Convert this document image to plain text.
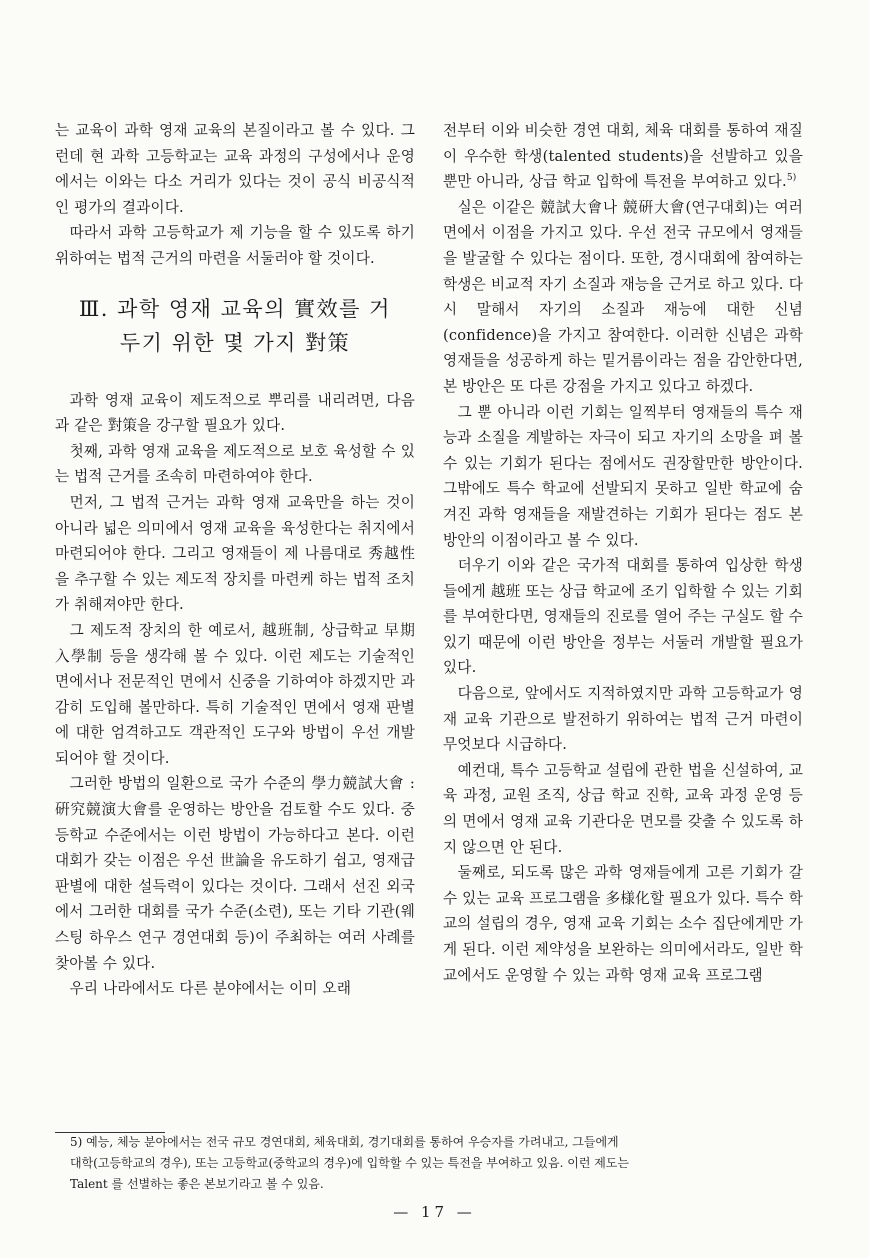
는 교육이 과학 영재 교육의 본질이라고 볼 수 있다. 그런데 현 과학 고등학교는 교육 과정의 구성에서나 운영에서는 이와는 다소 거리가 있다는 것이 공식 비공식적인 평가의 결과이다.

따라서 과학 고등학교가 제 기능을 할 수 있도록 하기 위하여는 법적 근거의 마련을 서둘러야 할 것이다.

Ⅲ. 과학 영재 교육의 實效를 거
두기 위한 몇 가지 對策

과학 영재 교육이 제도적으로 뿌리를 내리려면, 다음과 같은 對策을 강구할 필요가 있다.

첫째, 과학 영재 교육을 제도적으로 보호 육성할 수 있는 법적 근거를 조속히 마련하여야 한다.

먼저, 그 법적 근거는 과학 영재 교육만을 하는 것이 아니라 넓은 의미에서 영재 교육을 육성한다는 취지에서 마련되어야 한다. 그리고 영재들이 제 나름대로 秀越性을 추구할 수 있는 제도적 장치를 마련케 하는 법적 조치가 취해져야만 한다.

그 제도적 장치의 한 예로서, 越班制, 상급학교 早期入學制 등을 생각해 볼 수 있다. 이런 제도는 기술적인 면에서나 전문적인 면에서 신중을 기하여야 하겠지만 과감히 도입해 볼만하다. 특히 기술적인 면에서 영재 판별에 대한 엄격하고도 객관적인 도구와 방법이 우선 개발되어야 할 것이다.

그러한 방법의 일환으로 국가 수준의 學力競試大會 : 硏究競演大會를 운영하는 방안을 검토할 수도 있다. 중등학교 수준에서는 이런 방법이 가능하다고 본다. 이런 대회가 갖는 이점은 우선 世論을 유도하기 쉽고, 영재급 판별에 대한 설득력이 있다는 것이다. 그래서 선진 외국에서 그러한 대회를 국가 수준(소련), 또는 기타 기관(웨스팅 하우스 연구 경연대회 등)이 주최하는 여러 사례를 찾아볼 수 있다.

우리 나라에서도 다른 분야에서는 이미 오래

전부터 이와 비슷한 경연 대회, 체육 대회를 통하여 재질이 우수한 학생(talented students)을 선발하고 있을 뿐만 아니라, 상급 학교 입학에 특전을 부여하고 있다.$^{5)}$

실은 이같은 競試大會나 競硏大會(연구대회)는 여러 면에서 이점을 가지고 있다. 우선 전국 규모에서 영재들을 발굴할 수 있다는 점이다. 또한, 경시대회에 참여하는 학생은 비교적 자기 소질과 재능을 근거로 하고 있다. 다시 말해서 자기의 소질과 재능에 대한 신념(confidence)을 가지고 참여한다. 이러한 신념은 과학 영재들을 성공하게 하는 밑거름이라는 점을 감안한다면, 본 방안은 또 다른 강점을 가지고 있다고 하겠다.

그 뿐 아니라 이런 기회는 일찍부터 영재들의 특수 재능과 소질을 계발하는 자극이 되고 자기의 소망을 펴 볼 수 있는 기회가 된다는 점에서도 권장할만한 방안이다. 그밖에도 특수 학교에 선발되지 못하고 일반 학교에 숨겨진 과학 영재들을 재발견하는 기회가 된다는 점도 본 방안의 이점이라고 볼 수 있다.

더우기 이와 같은 국가적 대회를 통하여 입상한 학생들에게 越班 또는 상급 학교에 조기 입학할 수 있는 기회를 부여한다면, 영재들의 진로를 열어 주는 구실도 할 수 있기 때문에 이런 방안을 정부는 서둘러 개발할 필요가 있다.

다음으로, 앞에서도 지적하였지만 과학 고등학교가 영재 교육 기관으로 발전하기 위하여는 법적 근거 마련이 무엇보다 시급하다.

예컨대, 특수 고등학교 설립에 관한 법을 신설하여, 교육 과정, 교원 조직, 상급 학교 진학, 교육 과정 운영 등의 면에서 영재 교육 기관다운 면모를 갖출 수 있도록 하지 않으면 안 된다.

둘째로, 되도록 많은 과학 영재들에게 고른 기회가 갈 수 있는 교육 프로그램을 多様化할 필요가 있다. 특수 학교의 설립의 경우, 영재 교육 기회는 소수 집단에게만 가게 된다. 이런 제약성을 보완하는 의미에서라도, 일반 학교에서도 운영할 수 있는 과학 영재 교육 프로그램

5) 예능, 체능 분야에서는 전국 규모 경연대회, 체육대회, 경기대회를 통하여 우승자를 가려내고, 그들에게
대학(고등학교의 경우), 또는 고등학교(중학교의 경우)에 입학할 수 있는 특전을 부여하고 있음. 이런 제도는
Talent 를 선별하는 좋은 본보기라고 볼 수 있음.
— 17 —
